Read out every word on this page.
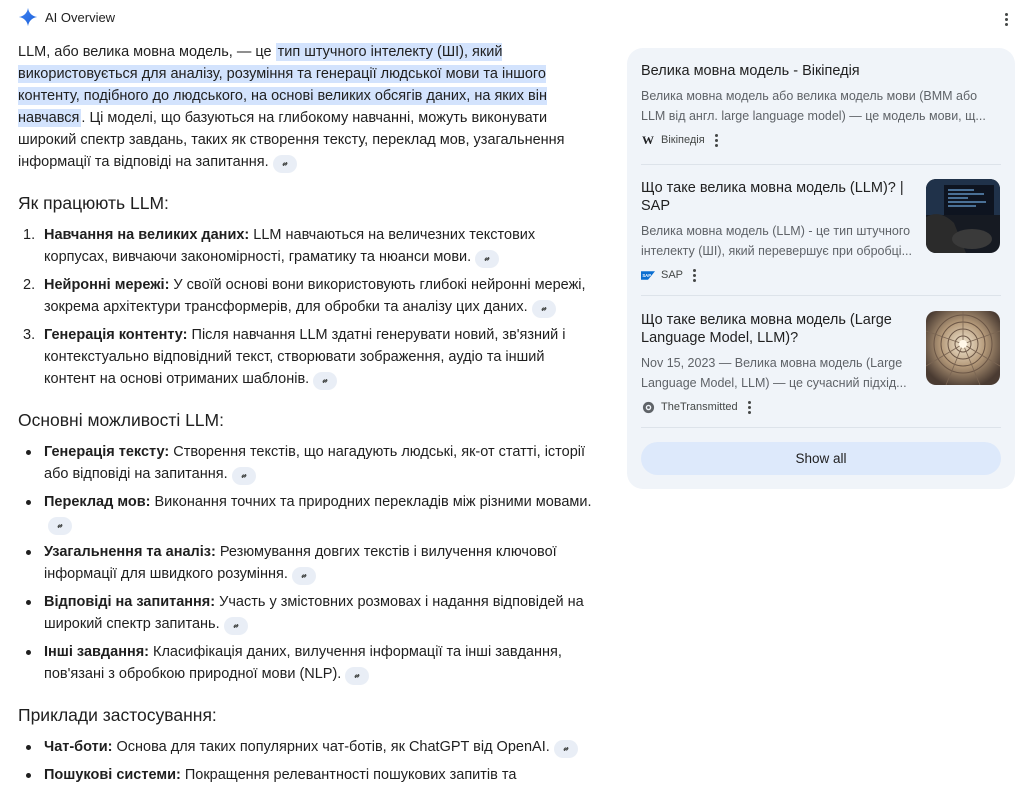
AI Overview

LLM, або велика мовна модель, — це тип штучного інтелекту (ШІ), який використовується для аналізу, розуміння та генерації людської мови та іншого контенту, подібного до людського, на основі великих обсягів даних, на яких він навчався . Ці моделі, що базуються на глибокому навчанні, можуть виконувати широкий спектр завдань, таких як створення тексту, переклад мов, узагальнення інформації та відповіді на запитання.

Як працюють LLM:
1. Навчання на великих даних: LLM навчаються на величезних текстових корпусах, вивчаючи закономірності, граматику та нюанси мови.
2. Нейронні мережі: У своїй основі вони використовують глибокі нейронні мережі, зокрема архітектури трансформерів, для обробки та аналізу цих даних.
3. Генерація контенту: Після навчання LLM здатні генерувати новий, зв'язний і контекстуально відповідний текст, створювати зображення, аудіо та інший контент на основі отриманих шаблонів.
Основні можливості LLM:
Генерація тексту: Створення текстів, що нагадують людські, як-от статті, історії або відповіді на запитання.
Переклад мов: Виконання точних та природних перекладів між різними мовами.
Узагальнення та аналіз: Резюмування довгих текстів і вилучення ключової інформації для швидкого розуміння.
Відповіді на запитання: Участь у змістовних розмовах і надання відповідей на широкий спектр запитань.
Інші завдання: Класифікація даних, вилучення інформації та інші завдання, пов'язані з обробкою природної мови (NLP).
Приклади застосування:
Чат-боти: Основа для таких популярних чат-ботів, як ChatGPT від OpenAI.
Пошукові системи: Покращення релевантності пошукових запитів та
Велика мовна модель - Вікіпедія
Велика мовна модель або велика модель мови (ВММ або LLM від англ. large language model) — це модель мови, щ...
W Вікіпедія
Що таке велика мовна модель (LLM)? | SAP
Велика мовна модель (LLM) - це тип штучного інтелекту (ШІ), який перевершує при обробці...
SAP SAP
Що таке велика мовна модель (Large Language Model, LLM)?
Nov 15, 2023 — Велика мовна модель (Large Language Model, LLM) — це сучасний підхід...
TheTransmitted
Show all
